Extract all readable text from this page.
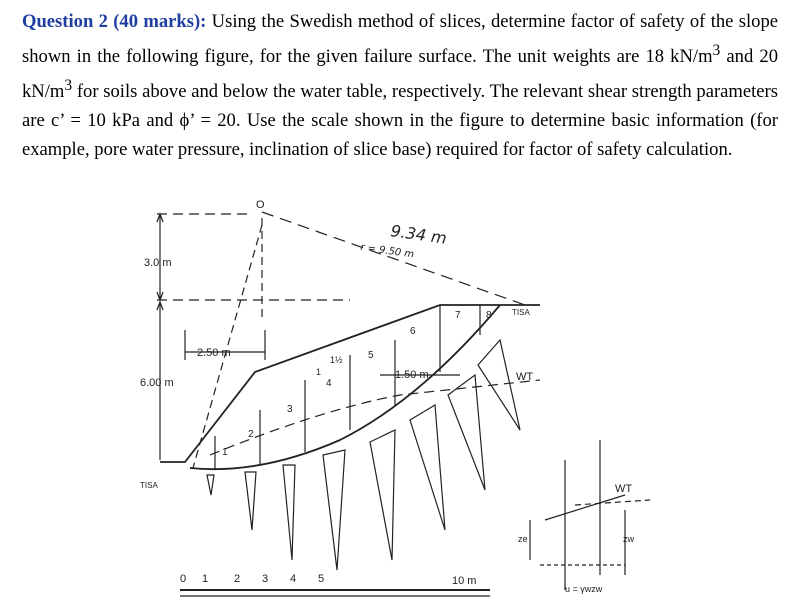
Question 2 (40 marks): Using the Swedish method of slices, determine factor of safety of the slope shown in the following figure, for the given failure surface. The unit weights are 18 $kN/m^3$ and 20 $kN/m^3$ for soils above and below the water table, respectively. The relevant shear strength parameters are c’ = 10 kPa and ϕ’ = 20. Use the scale shown in the figure to determine basic information (for example, pore water pressure, inclination of slice base) required for factor of safety calculation.

O
3.0 m
6.00 m
2.50 m
1.50 m
9.34 m
r = 9.50 m
WT
TISA
TISA
1½
1
1
2
3
4
5
6
7	8
0 1 2 3 4 5	10 m
WT
ze	zw
u = γwzw
